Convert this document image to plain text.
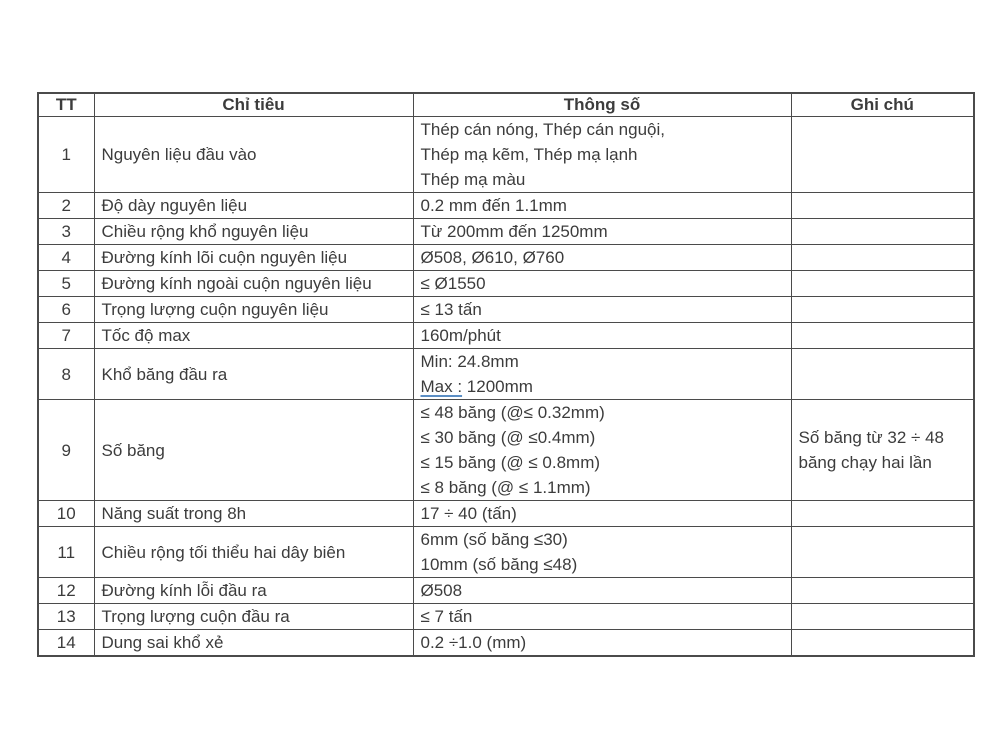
TT	Chỉ tiêu	Thông số	Ghi chú
1	Nguyên liệu đầu vào	Thép cán nóng, Thép cán nguội,
Thép mạ kẽm, Thép mạ lạnh
Thép mạ màu	

2	Độ dày nguyên liệu	0.2 mm đến 1.1mm	

3	Chiều rộng khổ nguyên liệu	Từ 200mm đến 1250mm	

4	Đường kính lõi cuộn nguyên liệu	Ø508, Ø610, Ø760	

5	Đường kính ngoài cuộn nguyên liệu	≤ Ø1550	

6	Trọng lượng cuộn nguyên liệu	≤ 13 tấn	

7	Tốc độ max	160m/phút	

8	Khổ băng đầu ra	Min: 24.8mm
Max : 1200mm	

9	Số băng	≤ 48 băng (@≤ 0.32mm)
≤ 30 băng (@ ≤0.4mm)
≤ 15 băng (@ ≤ 0.8mm)
≤ 8 băng (@ ≤ 1.1mm)	Số băng từ 32 ÷ 48 băng chạy hai lần
10	Năng suất trong 8h	17 ÷ 40 (tấn)	

11	Chiều rộng tối thiểu hai dây biên	6mm (số băng ≤30)
10mm (số băng ≤48)	

12	Đường kính lỗi đầu ra	Ø508	

13	Trọng lượng cuộn đầu ra	≤ 7 tấn	

14	Dung sai khổ xẻ	0.2 ÷1.0 (mm)	
